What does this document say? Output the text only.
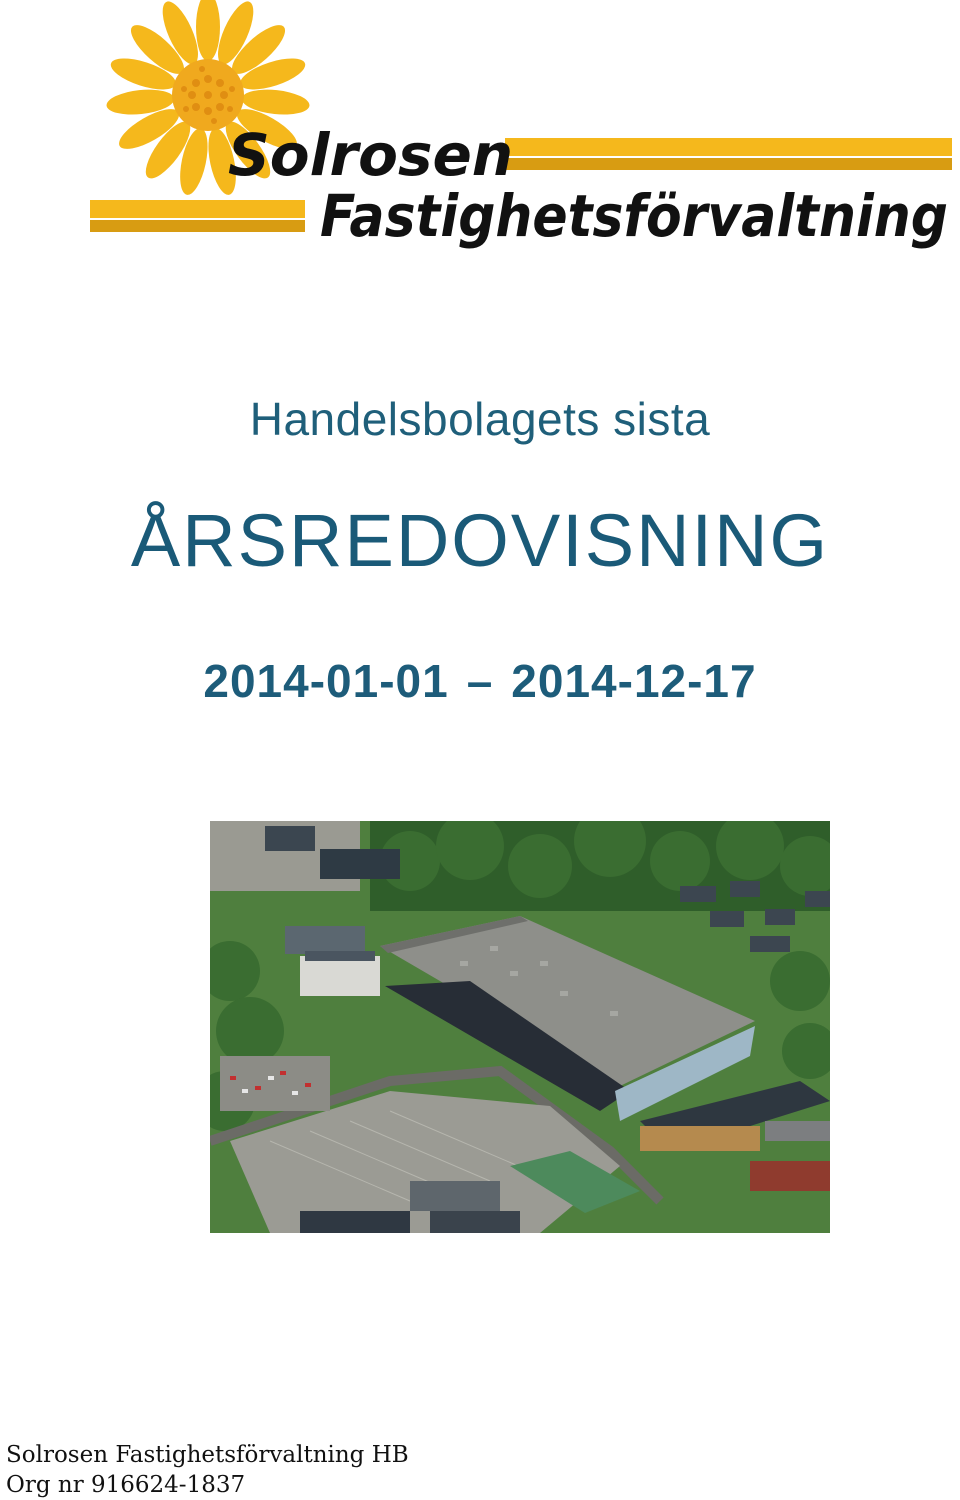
Solrosen
Fastighetsförvaltning
Handelsbolagets sista
ÅRSREDOVISNING
2014-01-01 – 2014-12-17
Solrosen Fastighetsförvaltning HB
Org nr 916624-1837
